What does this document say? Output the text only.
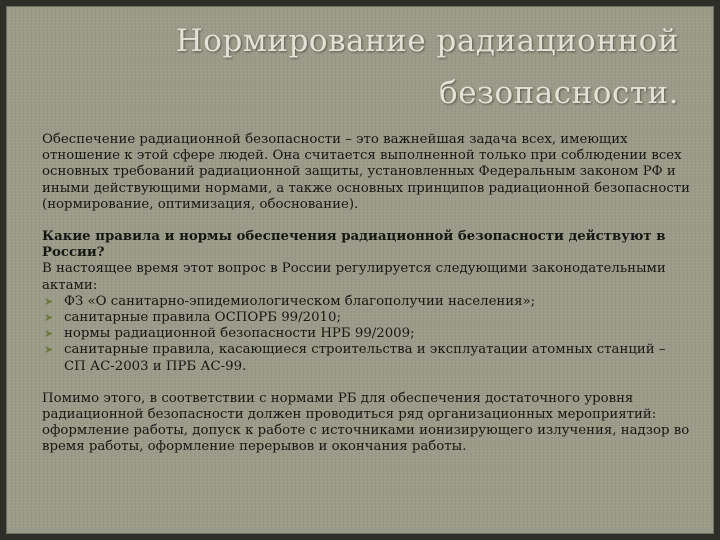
Нормирование радиационной
безопасности.

Обеспечение радиационной безопасности – это важнейшая задача всех, имеющих отношение к этой сфере людей. Она считается выполненной только при соблюдении всех основных требований радиационной защиты, установленных Федеральным законом РФ и иными действующими нормами, а также основных принципов радиационной безопасности (нормирование, оптимизация, обоснование).

Какие правила и нормы обеспечения радиационной безопасности действуют в России?

В настоящее время этот вопрос в России регулируется следующими законодательными актами:

➤ ФЗ «О санитарно-эпидемиологическом благополучии населения»;
➤ санитарные правила ОСПОРБ 99/2010;
➤ нормы радиационной безопасности НРБ 99/2009;
➤ санитарные правила, касающиеся строительства и эксплуатации атомных станций – СП АС-2003 и ПРБ АС-99.

Помимо этого, в соответствии с нормами РБ для обеспечения достаточного уровня радиационной безопасности должен проводиться ряд организационных мероприятий: оформление работы, допуск к работе с источниками ионизирующего излучения, надзор во время работы, оформление перерывов и окончания работы.
